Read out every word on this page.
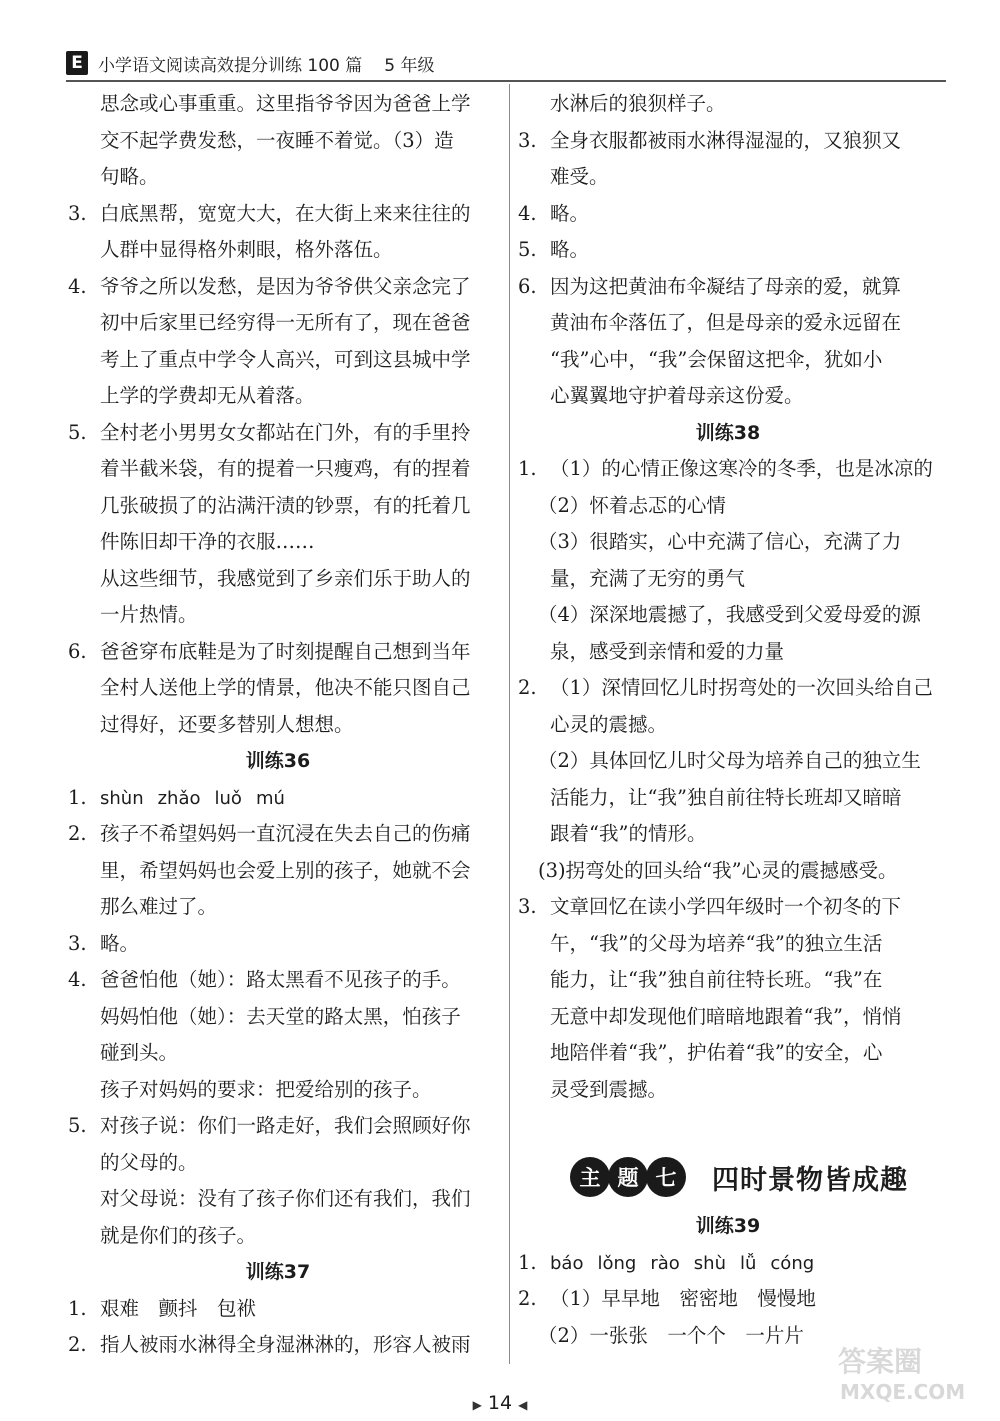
E 小学语文阅读高效提分训练 100 篇 5 年级
思念或心事重重。这里指爷爷因为爸爸上学
交不起学费发愁，一夜睡不着觉。（3）造
句略。
3. 白底黑帮，宽宽大大，在大街上来来往往的
人群中显得格外刺眼，格外落伍。
4. 爷爷之所以发愁，是因为爷爷供父亲念完了
初中后家里已经穷得一无所有了，现在爸爸
考上了重点中学令人高兴，可到这县城中学
上学的学费却无从着落。
5. 全村老小男男女女都站在门外，有的手里拎
着半截米袋，有的提着一只瘦鸡，有的捏着
几张破损了的沾满汗渍的钞票，有的托着几
件陈旧却干净的衣服……
从这些细节，我感觉到了乡亲们乐于助人的
一片热情。
6. 爸爸穿布底鞋是为了时刻提醒自己想到当年
全村人送他上学的情景，他决不能只图自己
过得好，还要多替别人想想。
训练36
1. shùn zhǎo luǒ mú
2. 孩子不希望妈妈一直沉浸在失去自己的伤痛
里，希望妈妈也会爱上别的孩子，她就不会
那么难过了。
3. 略。
4. 爸爸怕他（她）：路太黑看不见孩子的手。
妈妈怕他（她）：去天堂的路太黑，怕孩子
碰到头。
孩子对妈妈的要求：把爱给别的孩子。
5. 对孩子说：你们一路走好，我们会照顾好你
的父母的。
对父母说：没有了孩子你们还有我们，我们
就是你们的孩子。
训练37
1. 艰难　颤抖　包袱
2. 指人被雨水淋得全身湿淋淋的，形容人被雨
水淋后的狼狈样子。
3. 全身衣服都被雨水淋得湿湿的，又狼狈又
难受。
4. 略。
5. 略。
6. 因为这把黄油布伞凝结了母亲的爱，就算
黄油布伞落伍了，但是母亲的爱永远留在
“我”心中，“我”会保留这把伞，犹如小
心翼翼地守护着母亲这份爱。
训练38
1. （1）的心情正像这寒冷的冬季，也是冰凉的
（2）怀着忐忑的心情
（3）很踏实，心中充满了信心，充满了力
量，充满了无穷的勇气
（4）深深地震撼了，我感受到父爱母爱的源
泉，感受到亲情和爱的力量
2. （1）深情回忆儿时拐弯处的一次回头给自己
心灵的震撼。
（2）具体回忆儿时父母为培养自己的独立生
活能力，让“我”独自前往特长班却又暗暗
跟着“我”的情形。
(3)拐弯处的回头给“我”心灵的震撼感受。
3. 文章回忆在读小学四年级时一个初冬的下
午，“我”的父母为培养“我”的独立生活
能力，让“我”独自前往特长班。“我”在
无意中却发现他们暗暗地跟着“我”，悄悄
地陪伴着“我”，护佑着“我”的安全，心
灵受到震撼。
主 题 七	四时景物皆成趣
训练39
1. báo lǒng rào shù lǚ cóng
2. （1）早早地　密密地　慢慢地
（2）一张张　一个个　一片片
▶ 14 ◀
答案圈
MXQE.COM
